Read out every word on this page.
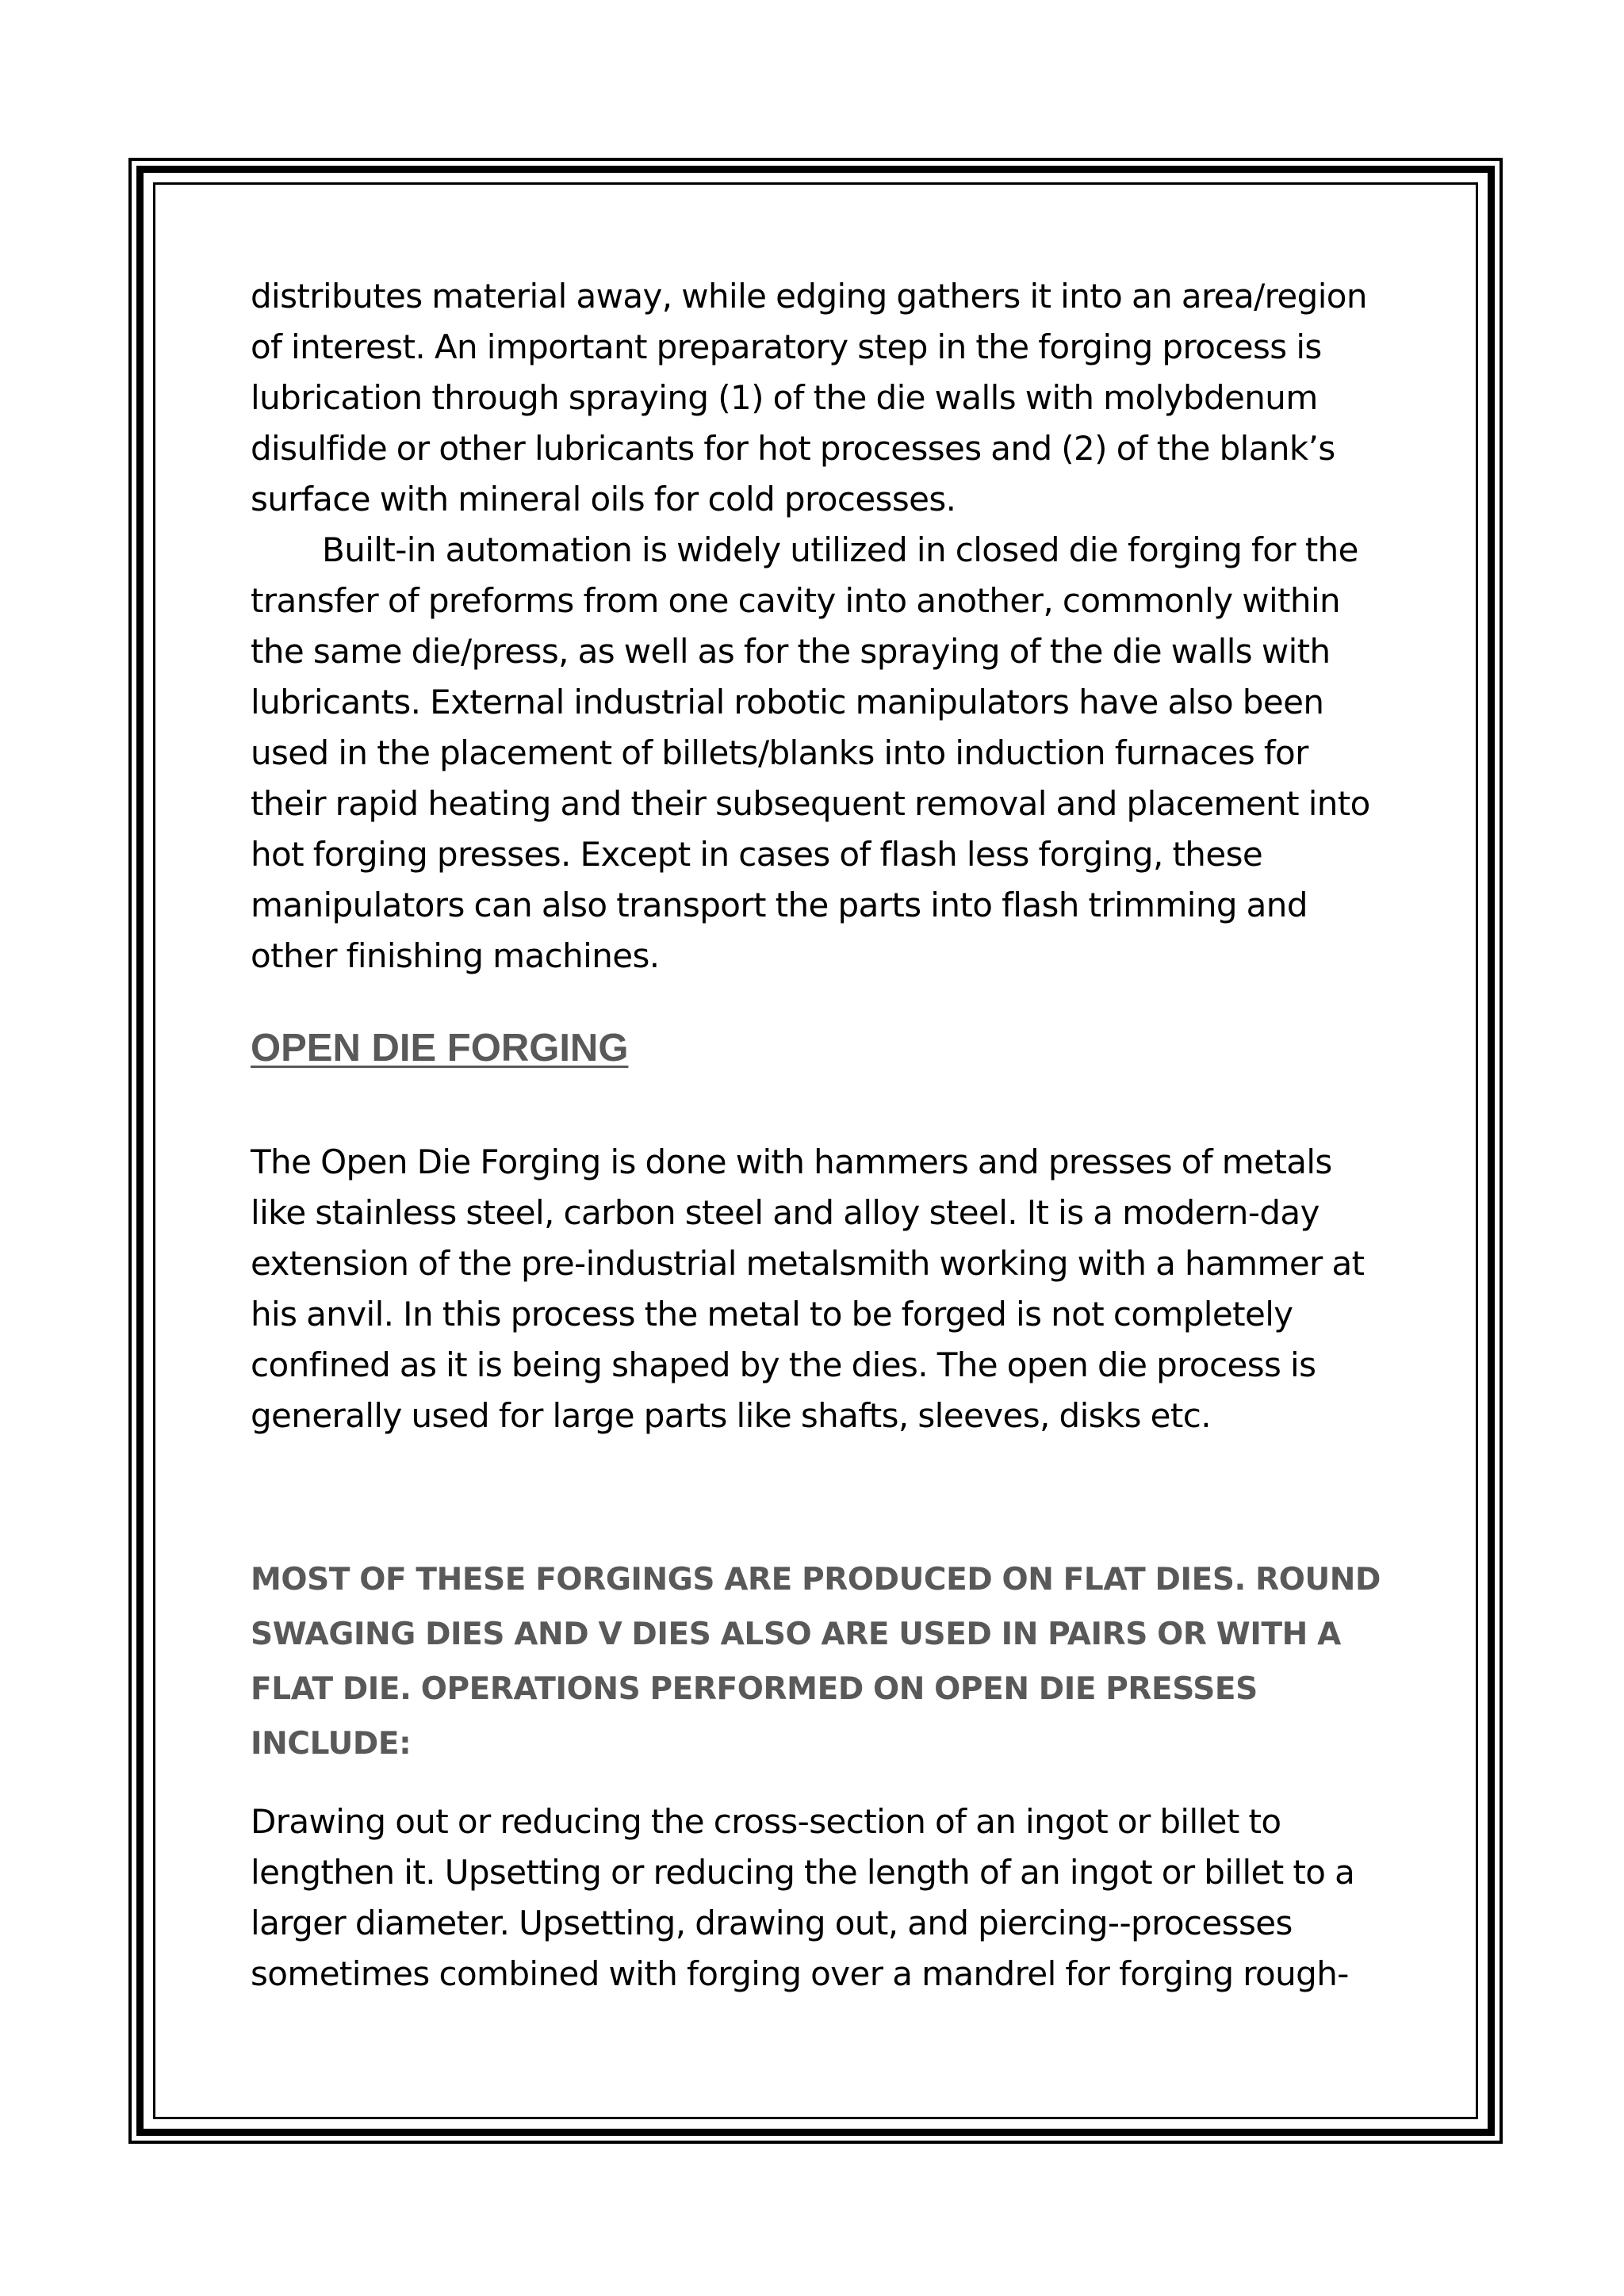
distributes material away, while edging gathers it into an area/region of interest. An important preparatory step in the forging process is lubrication through spraying (1) of the die walls with molybdenum disulfide or other lubricants for hot processes and (2) of the blank’s surface with mineral oils for cold processes.

Built-in automation is widely utilized in closed die forging for the transfer of preforms from one cavity into another, commonly within the same die/press, as well as for the spraying of the die walls with lubricants. External industrial robotic manipulators have also been used in the placement of billets/blanks into induction furnaces for their rapid heating and their subsequent removal and placement into hot forging presses. Except in cases of flash less forging, these manipulators can also transport the parts into flash trimming and other finishing machines.

OPEN DIE FORGING

The Open Die Forging is done with hammers and presses of metals like stainless steel, carbon steel and alloy steel. It is a modern-day extension of the pre-industrial metalsmith working with a hammer at his anvil. In this process the metal to be forged is not completely confined as it is being shaped by the dies. The open die process is generally used for large parts like shafts, sleeves, disks etc.

MOST OF THESE FORGINGS ARE PRODUCED ON FLAT DIES. ROUND SWAGING DIES AND V DIES ALSO ARE USED IN PAIRS OR WITH A FLAT DIE. OPERATIONS PERFORMED ON OPEN DIE PRESSES INCLUDE:

Drawing out or reducing the cross-section of an ingot or billet to lengthen it. Upsetting or reducing the length of an ingot or billet to a larger diameter. Upsetting, drawing out, and piercing--processes sometimes combined with forging over a mandrel for forging rough-
